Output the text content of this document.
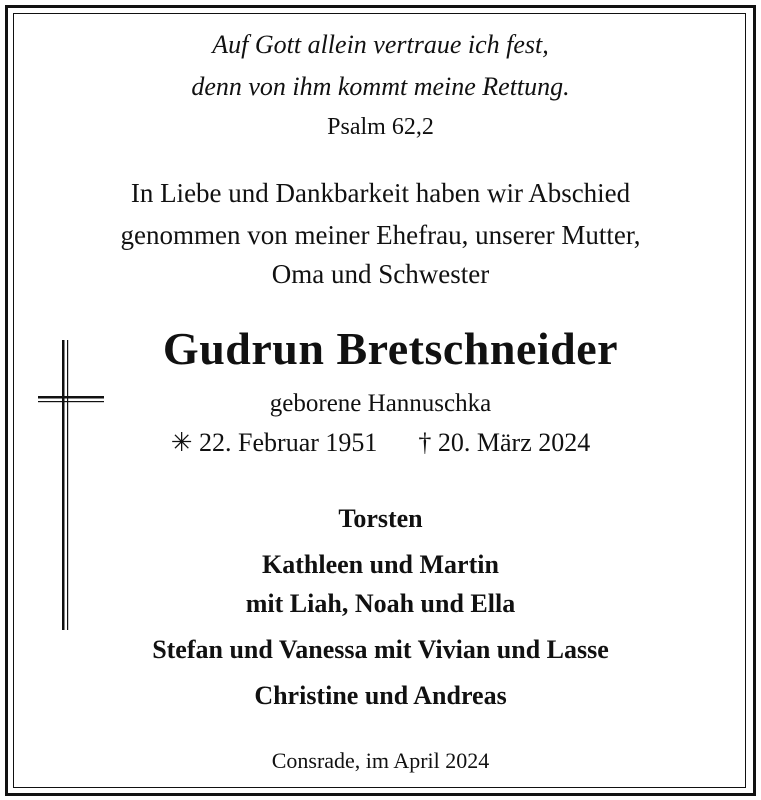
Auf Gott allein vertraue ich fest,
denn von ihm kommt meine Rettung.
Psalm 62,2
In Liebe und Dankbarkeit haben wir Abschied
genommen von meiner Ehefrau, unserer Mutter,
Oma und Schwester
Gudrun Bretschneider
geborene Hannuschka
✳ 22. Februar 1951 † 20. März 2024
Torsten
Kathleen und Martin
mit Liah, Noah und Ella
Stefan und Vanessa mit Vivian und Lasse
Christine und Andreas
Consrade, im April 2024
